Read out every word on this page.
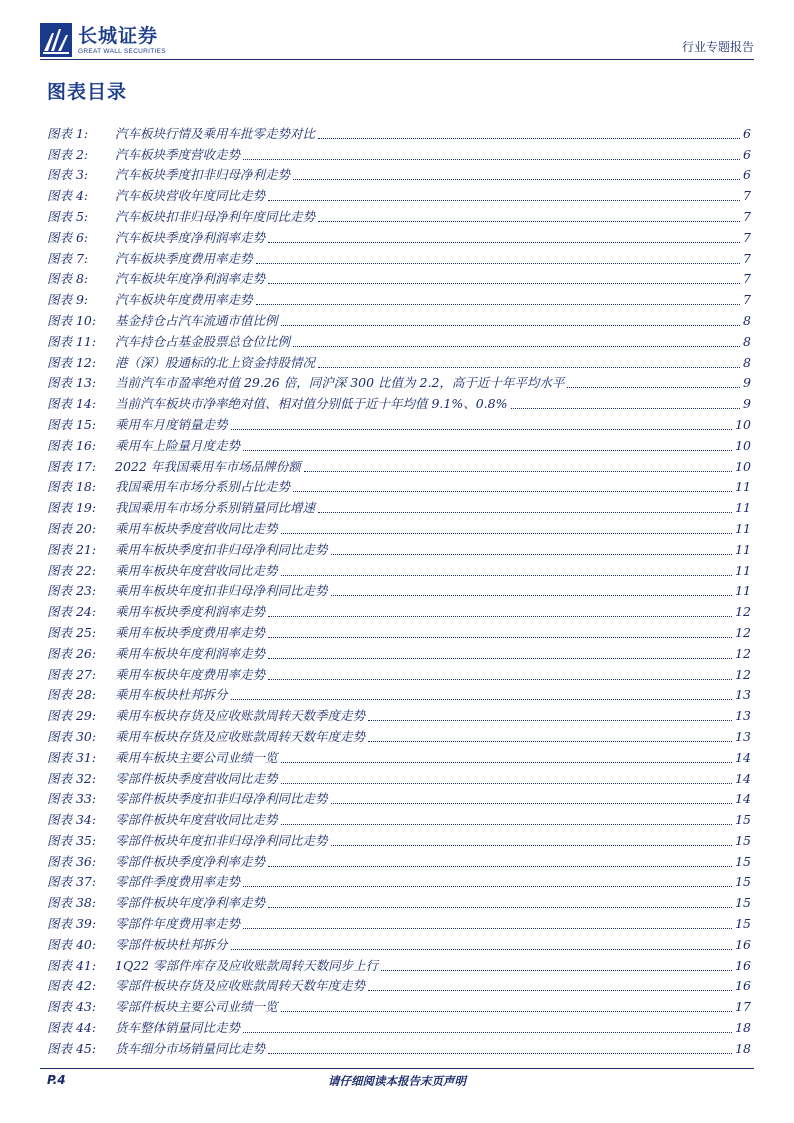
长城证券
GREAT WALL SECURITIES	行业专题报告
图表目录
图表 1:	汽车板块行情及乘用车批零走势对比	6
图表 2:	汽车板块季度营收走势	6
图表 3:	汽车板块季度扣非归母净利走势	6
图表 4:	汽车板块营收年度同比走势	7
图表 5:	汽车板块扣非归母净利年度同比走势	7
图表 6:	汽车板块季度净利润率走势	7
图表 7:	汽车板块季度费用率走势	7
图表 8:	汽车板块年度净利润率走势	7
图表 9:	汽车板块年度费用率走势	7
图表 10:	基金持仓占汽车流通市值比例	8
图表 11:	汽车持仓占基金股票总仓位比例	8
图表 12:	港（深）股通标的北上资金持股情况	8
图表 13:	当前汽车市盈率绝对值 29.26 倍，同沪深 300 比值为 2.2，高于近十年平均水平	9
图表 14:	当前汽车板块市净率绝对值、相对值分别低于近十年均值 9.1%、0.8%	9
图表 15:	乘用车月度销量走势	10
图表 16:	乘用车上险量月度走势	10
图表 17:	2022 年我国乘用车市场品牌份额	10
图表 18:	我国乘用车市场分系别占比走势	11
图表 19:	我国乘用车市场分系别销量同比增速	11
图表 20:	乘用车板块季度营收同比走势	11
图表 21:	乘用车板块季度扣非归母净利同比走势	11
图表 22:	乘用车板块年度营收同比走势	11
图表 23:	乘用车板块年度扣非归母净利同比走势	11
图表 24:	乘用车板块季度利润率走势	12
图表 25:	乘用车板块季度费用率走势	12
图表 26:	乘用车板块年度利润率走势	12
图表 27:	乘用车板块年度费用率走势	12
图表 28:	乘用车板块杜邦拆分	13
图表 29:	乘用车板块存货及应收账款周转天数季度走势	13
图表 30:	乘用车板块存货及应收账款周转天数年度走势	13
图表 31:	乘用车板块主要公司业绩一览	14
图表 32:	零部件板块季度营收同比走势	14
图表 33:	零部件板块季度扣非归母净利同比走势	14
图表 34:	零部件板块年度营收同比走势	15
图表 35:	零部件板块年度扣非归母净利同比走势	15
图表 36:	零部件板块季度净利率走势	15
图表 37:	零部件季度费用率走势	15
图表 38:	零部件板块年度净利率走势	15
图表 39:	零部件年度费用率走势	15
图表 40:	零部件板块杜邦拆分	16
图表 41:	1Q22 零部件库存及应收账款周转天数同步上行	16
图表 42:	零部件板块存货及应收账款周转天数年度走势	16
图表 43:	零部件板块主要公司业绩一览	17
图表 44:	货车整体销量同比走势	18
图表 45:	货车细分市场销量同比走势	18
P.4	请仔细阅读本报告末页声明
